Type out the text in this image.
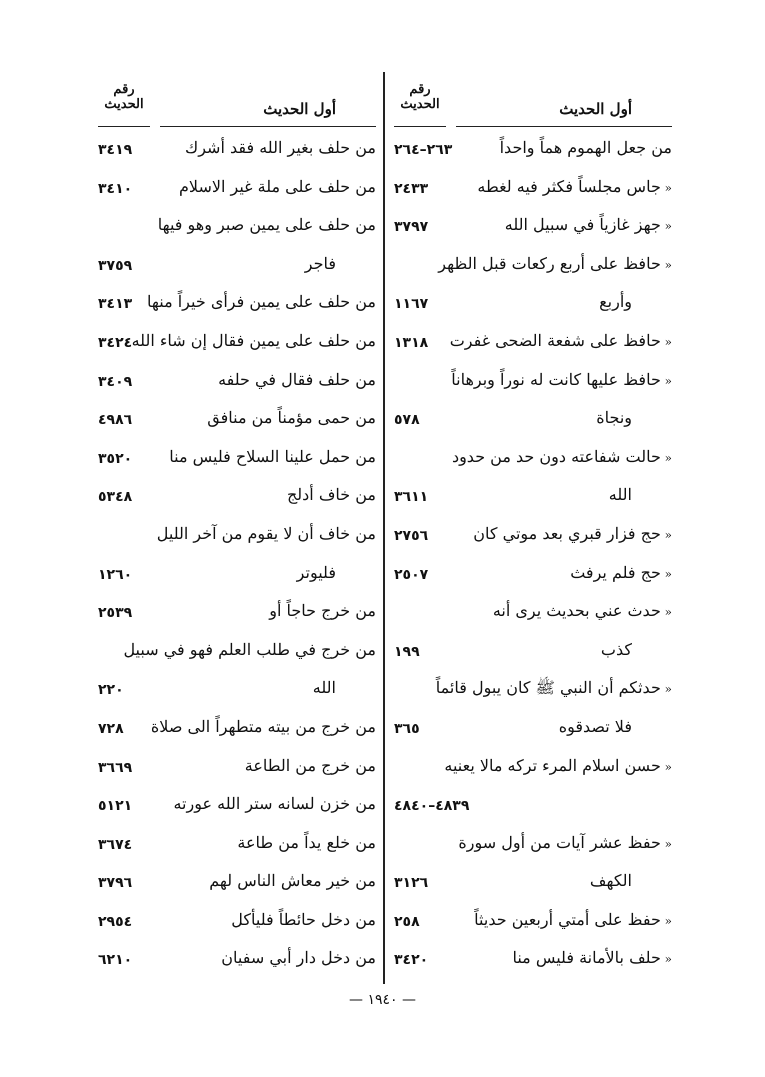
أول الحديث
رقم
الحديث
من جعل الهموم هماً واحداً
٢٦٣–٢٦٤
« جاس مجلساً فكثر فيه لغطه
٢٤٣٣
« جهز غازياً في سبيل الله
٣٧٩٧
« حافظ على أربع ركعات قبل الظهر
وأربع
١١٦٧
« حافظ على شفعة الضحى غفرت
١٣١٨
« حافظ عليها كانت له نوراً وبرهاناً
ونجاة
٥٧٨
« حالت شفاعته دون حد من حدود
الله
٣٦١١
« حج فزار قبري بعد موتي كان
٢٧٥٦
« حج فلم يرفث
٢٥٠٧
« حدث عني بحديث يرى أنه
كذب
١٩٩
« حدثكم أن النبي ﷺ كان يبول قائماً
فلا تصدقوه
٣٦٥
« حسن اسلام المرء تركه مالا يعنيه
٤٨٣٩–٤٨٤٠
« حفظ عشر آيات من أول سورة
الكهف
٣١٢٦
« حفظ على أمتي أربعين حديثاً
٢٥٨
« حلف بالأمانة فليس منا
٣٤٢٠
أول الحديث
رقم
الحديث
من حلف بغير الله فقد أشرك
٣٤١٩
من حلف على ملة غير الاسلام
٣٤١٠
من حلف على يمين صبر وهو فيها
فاجر
٣٧٥٩
من حلف على يمين فرأى خيراً منها
٣٤١٣
من حلف على يمين فقال إن شاء الله
٣٤٢٤
من حلف فقال في حلفه
٣٤٠٩
من حمى مؤمناً من منافق
٤٩٨٦
من حمل علينا السلاح فليس منا
٣٥٢٠
من خاف أدلج
٥٣٤٨
من خاف أن لا يقوم من آخر الليل
فليوتر
١٢٦٠
من خرج حاجاً أو
٢٥٣٩
من خرج في طلب العلم فهو في سبيل
الله
٢٢٠
من خرج من بيته متطهراً الى صلاة
٧٢٨
من خرج من الطاعة
٣٦٦٩
من خزن لسانه ستر الله عورته
٥١٢١
من خلع يداً من طاعة
٣٦٧٤
من خير معاش الناس لهم
٣٧٩٦
من دخل حائطاً فليأكل
٢٩٥٤
من دخل دار أبي سفيان
٦٢١٠
— ١٩٤٠ —
